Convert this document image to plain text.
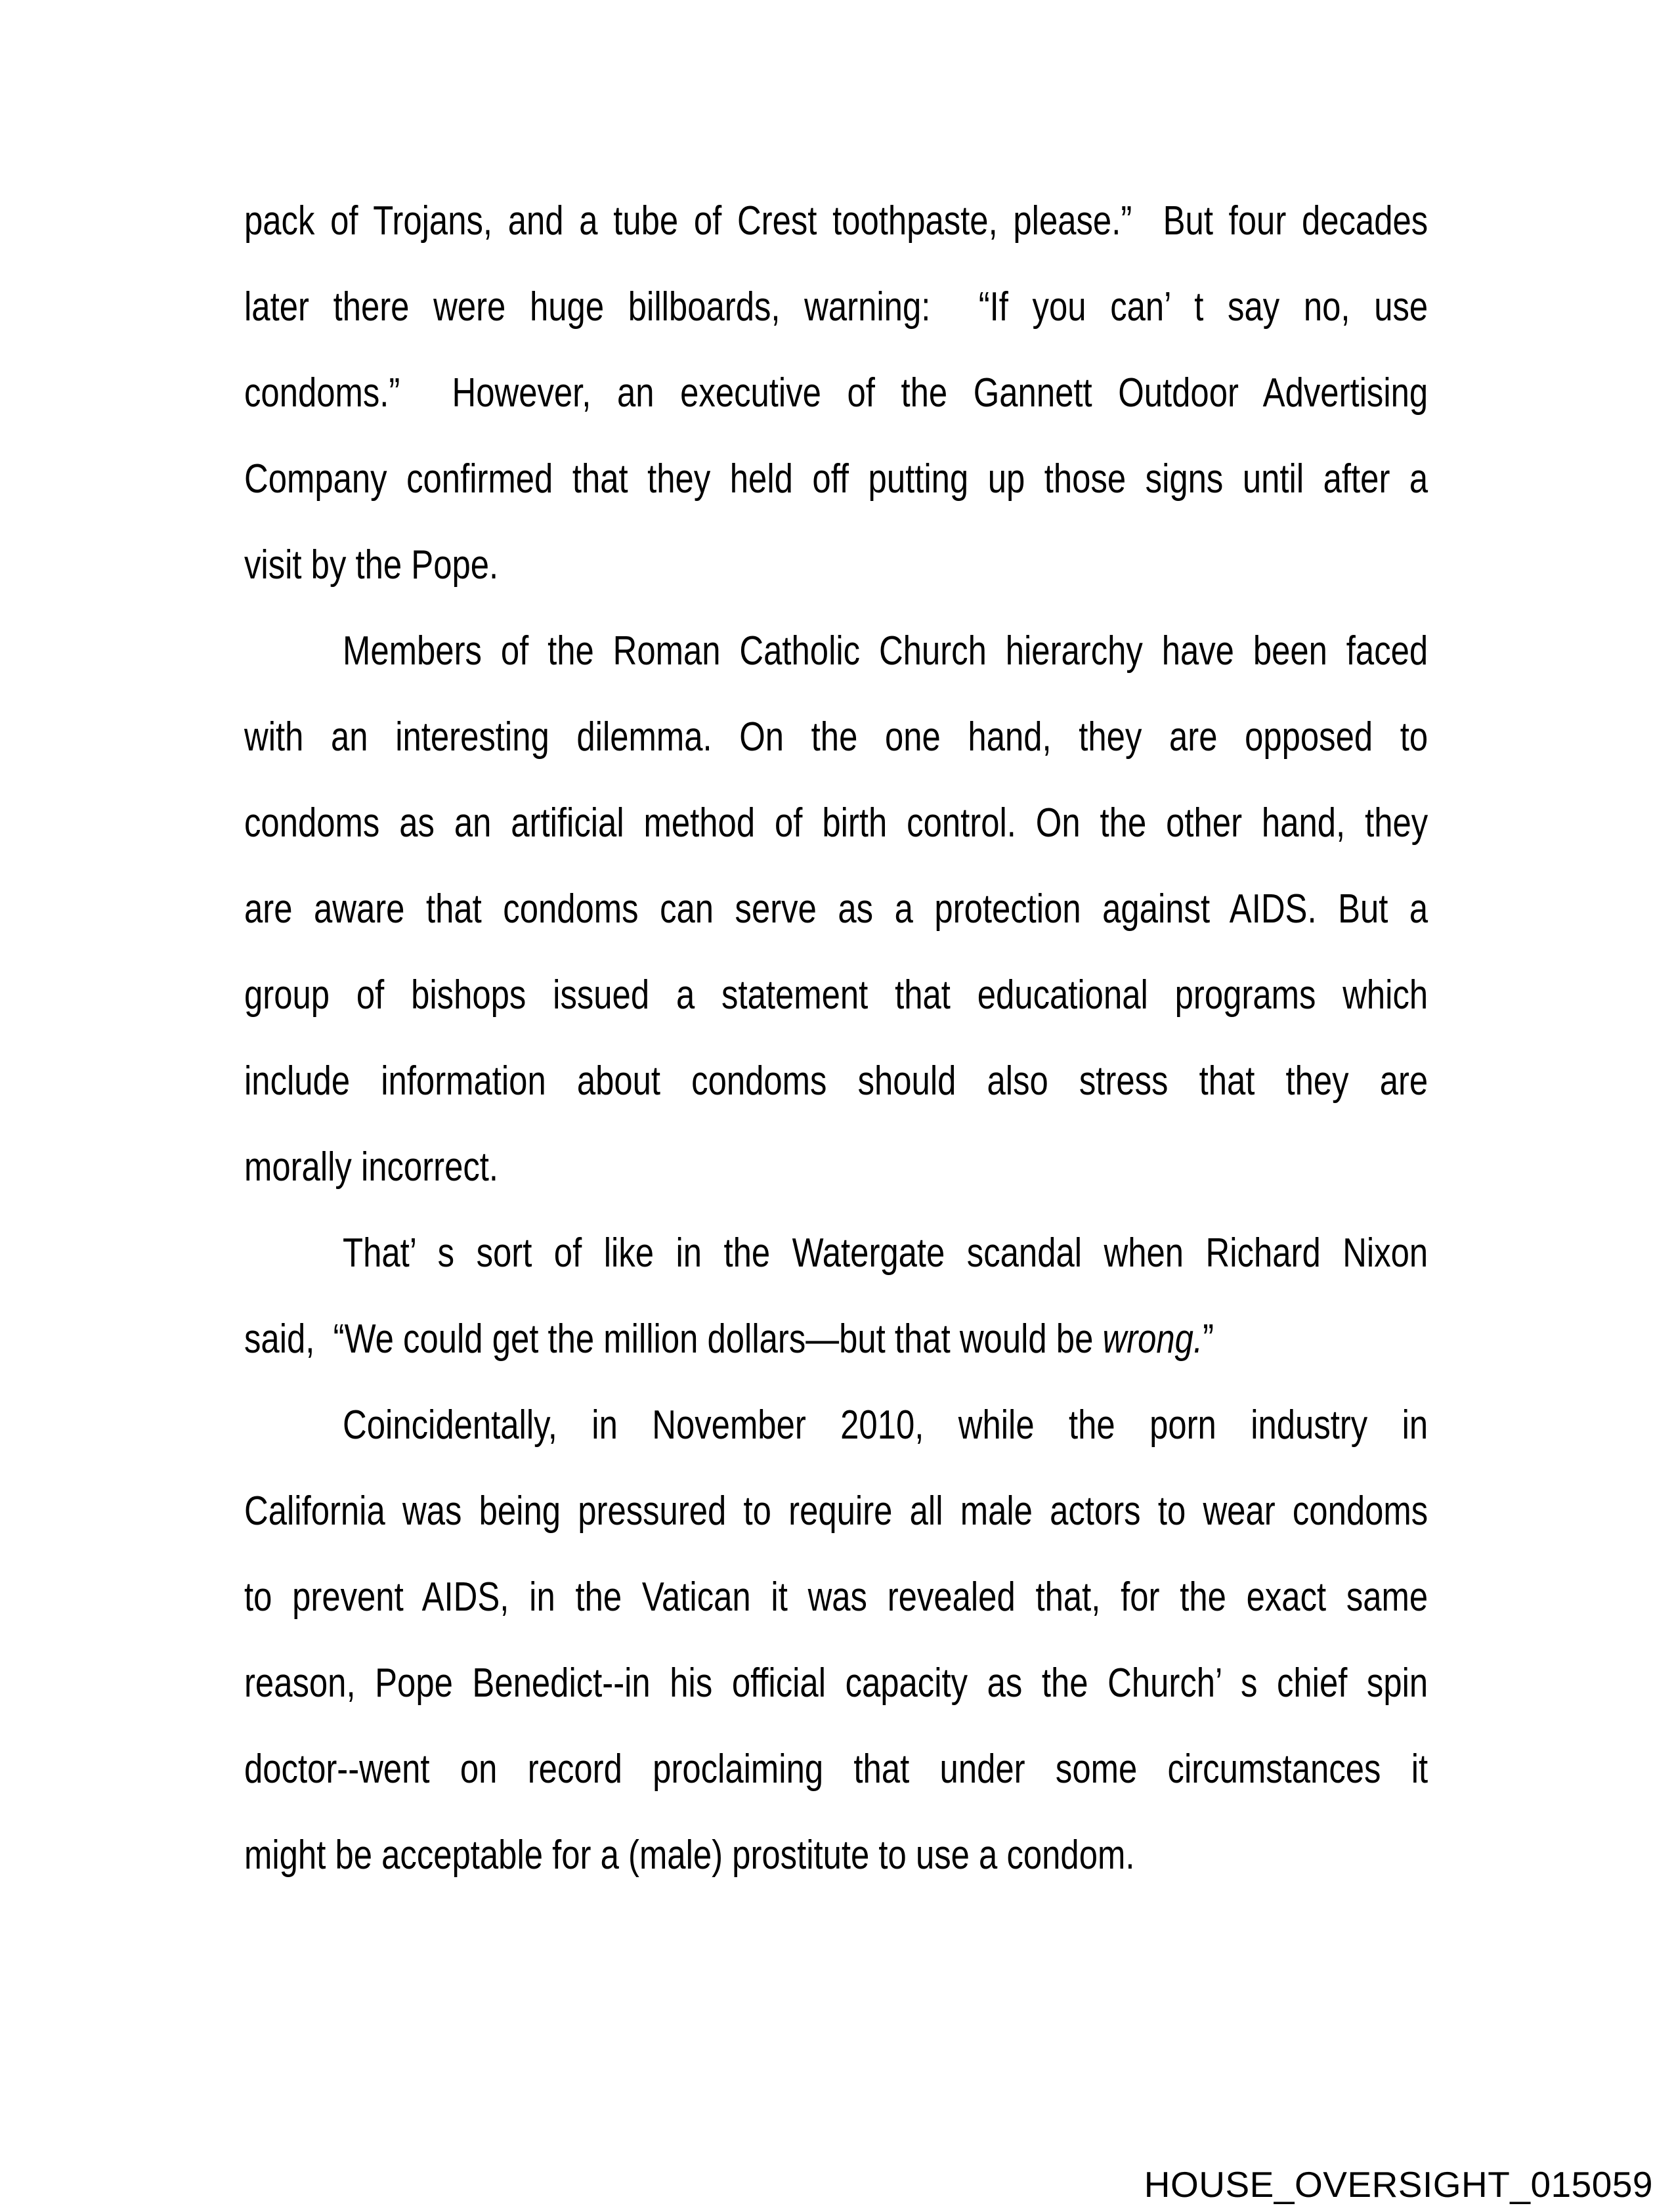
pack of Trojans, and a tube of Crest toothpaste, please.”  But four decades
later there were huge billboards, warning:  “If you can’ t say no, use
condoms.”  However, an executive of the Gannett Outdoor Advertising
Company confirmed that they held off putting up those signs until after a
visit by the Pope.
Members of the Roman Catholic Church hierarchy have been faced
with an interesting dilemma. On the one hand, they are opposed to
condoms as an artificial method of birth control. On the other hand, they
are aware that condoms can serve as a protection against AIDS. But a
group of bishops issued a statement that educational programs which
include information about condoms should also stress that they are
morally incorrect.
That’ s sort of like in the Watergate scandal when Richard Nixon
said,  “We could get the million dollars—but that would be wrong.”
Coincidentally, in November 2010, while the porn industry in
California was being pressured to require all male actors to wear condoms
to prevent AIDS, in the Vatican it was revealed that, for the exact same
reason, Pope Benedict--in his official capacity as the Church’ s chief spin
doctor--went on record proclaiming that under some circumstances it
might be acceptable for a (male) prostitute to use a condom.
HOUSE_OVERSIGHT_015059
